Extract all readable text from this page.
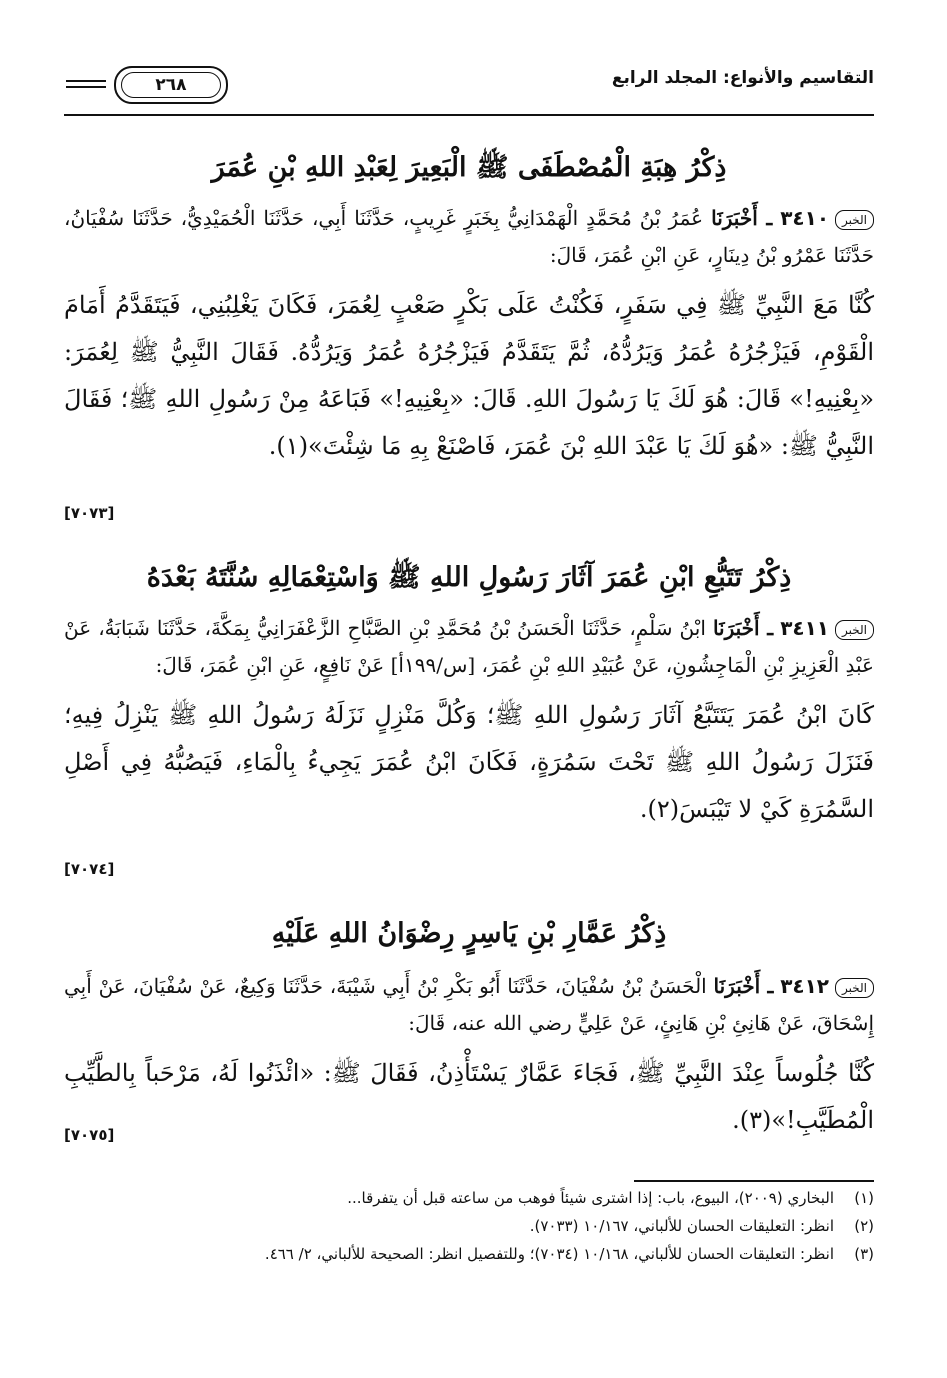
التقاسيم والأنواع: المجلد الرابع
٢٦٨
ذِكْرُ هِبَةِ الْمُصْطَفَى ﷺ الْبَعِيرَ لِعَبْدِ اللهِ بْنِ عُمَرَ
الخبر٣٤١٠ ـ أَخْبَرَنَا عُمَرُ بْنُ مُحَمَّدٍ الْهَمْدَانِيُّ بِخَبَرٍ غَرِيبٍ، حَدَّثَنَا أَبِي، حَدَّثَنَا الْحُمَيْدِيُّ، حَدَّثَنَا سُفْيَانُ، حَدَّثَنَا عَمْرُو بْنُ دِينَارٍ، عَنِ ابْنِ عُمَرَ، قَالَ:
كُنَّا مَعَ النَّبِيِّ ﷺ فِي سَفَرٍ، فَكُنْتُ عَلَى بَكْرٍ صَعْبٍ لِعُمَرَ، فَكَانَ يَغْلِبُنِي، فَيَتَقَدَّمُ أَمَامَ الْقَوْمِ، فَيَزْجُرُهُ عُمَرُ وَيَرُدُّهُ، ثُمَّ يَتَقَدَّمُ فَيَزْجُرُهُ عُمَرُ وَيَرُدُّهُ. فَقَالَ النَّبِيُّ ﷺ لِعُمَرَ: «بِعْنِيهِ!» قَالَ: هُوَ لَكَ يَا رَسُولَ اللهِ. قَالَ: «بِعْنِيهِ!» فَبَاعَهُ مِنْ رَسُولِ اللهِ ﷺ؛ فَقَالَ النَّبِيُّ ﷺ: «هُوَ لَكَ يَا عَبْدَ اللهِ بْنَ عُمَرَ، فَاصْنَعْ بِهِ مَا شِئْتَ»(١).
[٧٠٧٣]
ذِكْرُ تَتَبُّعِ ابْنِ عُمَرَ آثَارَ رَسُولِ اللهِ ﷺ وَاسْتِعْمَالِهِ سُنَّتَهُ بَعْدَهُ
الخبر٣٤١١ ـ أَخْبَرَنَا ابْنُ سَلْمٍ، حَدَّثَنَا الْحَسَنُ بْنُ مُحَمَّدِ بْنِ الصَّبَّاحِ الزَّعْفَرَانِيُّ بِمَكَّةَ، حَدَّثَنَا شَبَابَةُ، عَنْ عَبْدِ الْعَزِيزِ بْنِ الْمَاجِشُونِ، عَنْ عُبَيْدِ اللهِ بْنِ عُمَرَ، [س/١٩٩أ] عَنْ نَافِعٍ، عَنِ ابْنِ عُمَرَ، قَالَ:
كَانَ ابْنُ عُمَرَ يَتَتَبَّعُ آثَارَ رَسُولِ اللهِ ﷺ؛ وَكُلَّ مَنْزِلٍ نَزَلَهُ رَسُولُ اللهِ ﷺ يَنْزِلُ فِيهِ؛ فَنَزَلَ رَسُولُ اللهِ ﷺ تَحْتَ سَمُرَةٍ، فَكَانَ ابْنُ عُمَرَ يَجِيءُ بِالْمَاءِ، فَيَصُبُّهُ فِي أَصْلِ السَّمُرَةِ كَيْ لا تَيْبَسَ(٢).
[٧٠٧٤]
ذِكْرُ عَمَّارِ بْنِ يَاسِرٍ رِضْوَانُ اللهِ عَلَيْهِ
الخبر٣٤١٢ ـ أَخْبَرَنَا الْحَسَنُ بْنُ سُفْيَانَ، حَدَّثَنَا أَبُو بَكْرِ بْنُ أَبِي شَيْبَةَ، حَدَّثَنَا وَكِيعٌ، عَنْ سُفْيَانَ، عَنْ أَبِي إِسْحَاقَ، عَنْ هَانِئِ بْنِ هَانِئٍ، عَنْ عَلِيٍّ رضي الله عنه، قَالَ:
كُنَّا جُلُوساً عِنْدَ النَّبِيِّ ﷺ، فَجَاءَ عَمَّارٌ يَسْتَأْذِنُ، فَقَالَ ﷺ: «ائْذَنُوا لَهُ، مَرْحَباً بِالطَّيِّبِ الْمُطَيَّبِ!»(٣).
[٧٠٧٥]
(١)
البخاري (٢٠٠٩)، البيوع، باب: إذا اشترى شيئاً فوهب من ساعته قبل أن يتفرقا...
(٢)
انظر: التعليقات الحسان للألباني، ١٠/١٦٧ (٧٠٣٣).
(٣)
انظر: التعليقات الحسان للألباني، ١٠/١٦٨ (٧٠٣٤)؛ وللتفصيل انظر: الصحيحة للألباني، ٢/ ٤٦٦.
